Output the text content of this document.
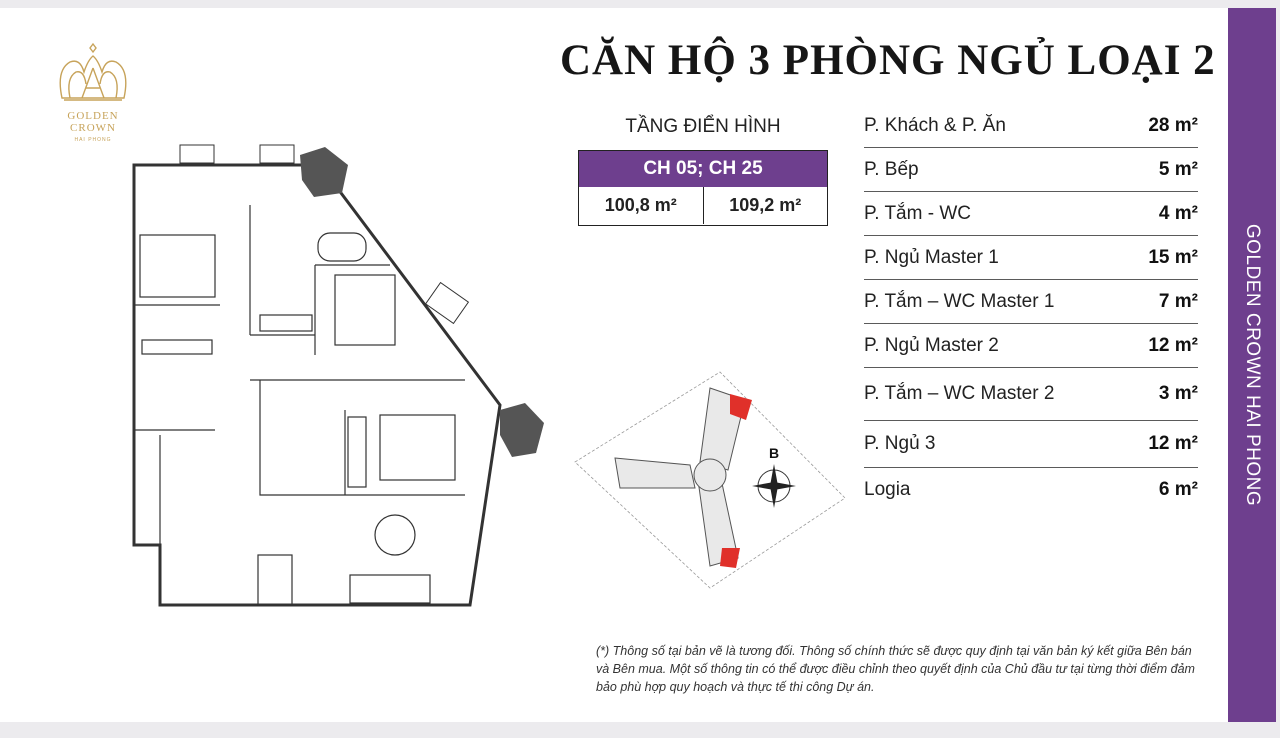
GOLDEN CROWN HAI PHONG
GOLDEN
CROWN
HAI PHONG
B
CĂN HỘ 3 PHÒNG NGỦ LOẠI 2
TẦNG ĐIỂN HÌNH
CH 05; CH 25
100,8 m²	109,2 m²
P. Khách & P. Ăn	28 m²
P. Bếp	5 m²
P. Tắm - WC	4 m²
P. Ngủ Master 1	15 m²
P. Tắm – WC Master 1	7 m²
P. Ngủ Master 2	12 m²
P. Tắm – WC Master 2	3 m²
P. Ngủ 3	12 m²
Logia	6 m²
(*) Thông số tại bản vẽ là tương đối. Thông số chính thức sẽ được quy định tại văn bản ký kết giữa Bên bán và Bên mua. Một số thông tin có thể được điều chỉnh theo quyết định của Chủ đầu tư tại từng thời điểm đảm bảo phù hợp quy hoạch và thực tế thi công Dự án.
